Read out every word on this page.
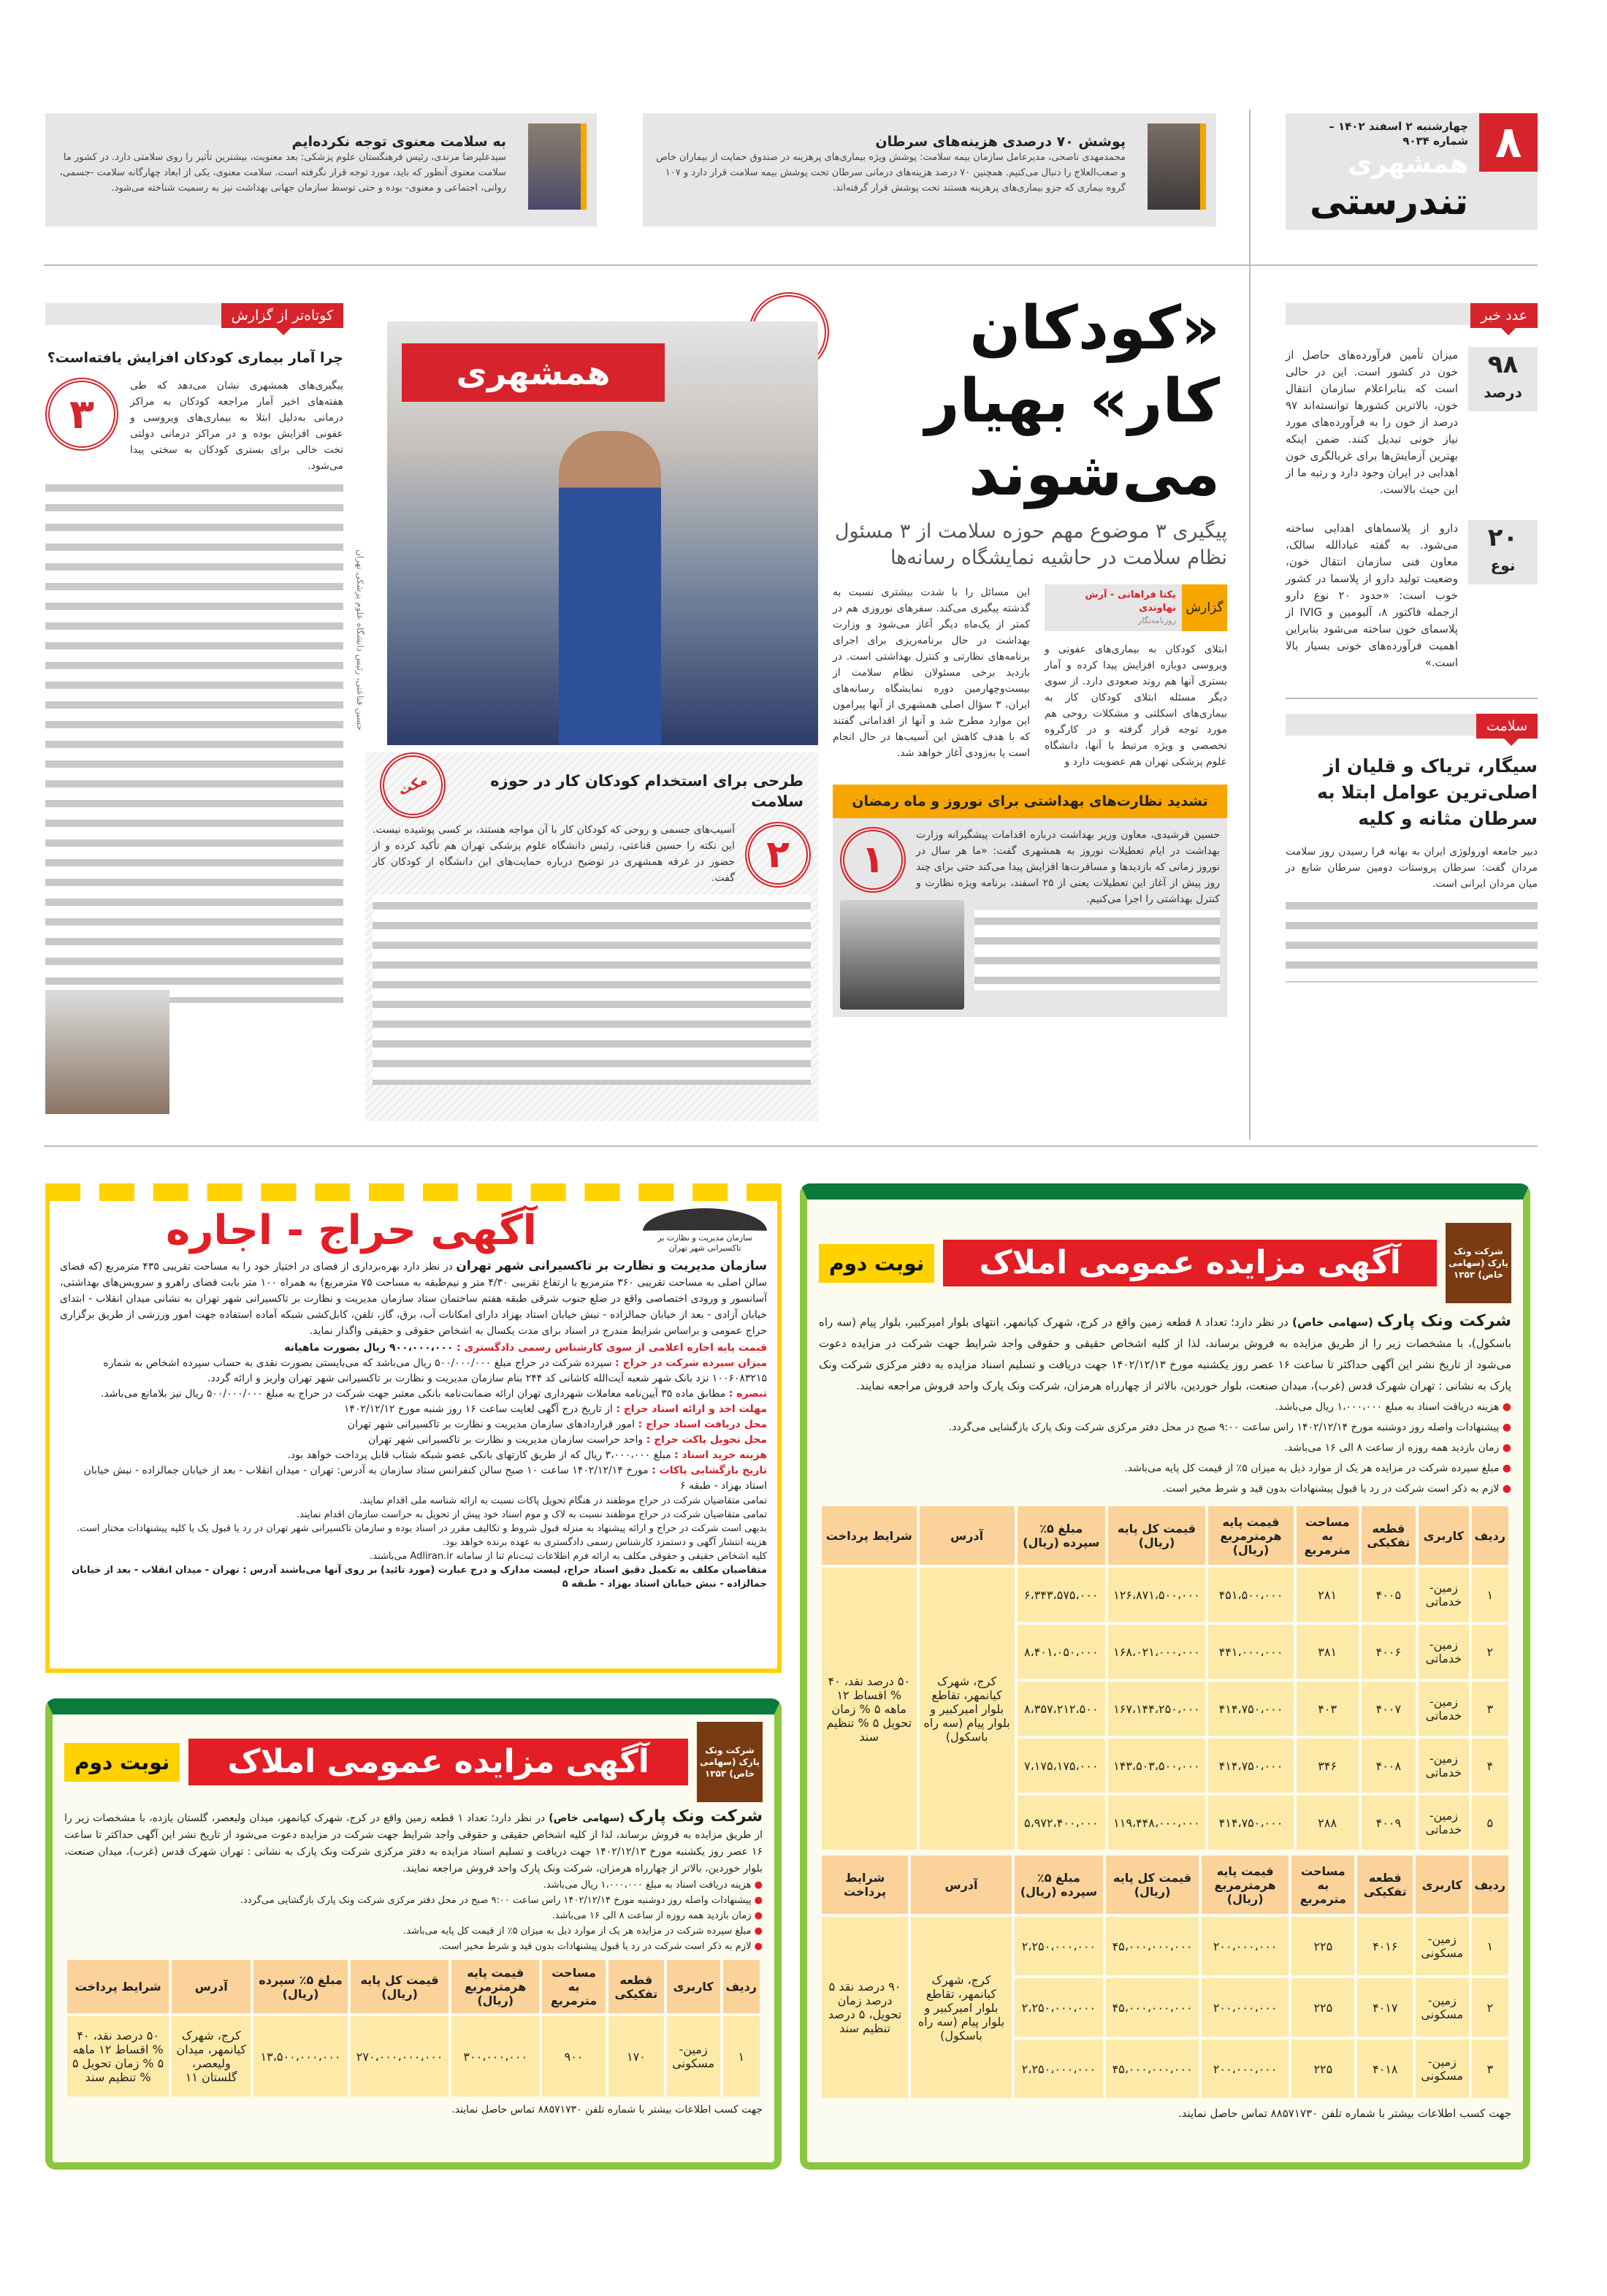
۸
چهارشنبه ۲ اسفند ۱۴۰۲ – شماره ۹۰۳۴
همشهری
تندرستی
پوشش ۷۰ درصدی هزینه‌های سرطان
محمدمهدی ناصحی، مدیرعامل سازمان بیمه سلامت: پوشش ویژه بیماری‌های پرهزینه در صندوق حمایت از بیماران خاص و صعب‌العلاج را دنبال می‌کنیم. همچنین ۷۰ درصد هزینه‌های درمانی سرطان تحت پوشش بیمه سلامت قرار دارد و ۱۰۷ گروه بیماری که جزو بیماری‌های پرهزینه هستند تحت پوشش قرار گرفته‌اند.
به سلامت معنوی توجه نکرده‌ایم
سیدعلیرضا مرندی، رئیس فرهنگستان علوم پزشکی: بعد معنویت، بیشترین تأثیر را روی سلامتی دارد. در کشور ما سلامت معنوی آنطور که باید، مورد توجه قرار نگرفته است. سلامت معنوی، یکی از ابعاد چهارگانه سلامت -جسمی، روانی، اجتماعی و معنوی- بوده و حتی توسط سازمان جهانی بهداشت نیز به رسمیت شناخته می‌شود.
عدد خبر
۹۸
درصد
میزان تأمین فرآورده‌های حاصل از خون در کشور است. این در حالی است که بنابراعلام سازمان انتقال خون، بالاترین کشورها توانسته‌اند ۹۷ درصد از خون را به فرآورده‌های مورد نیاز خونی تبدیل کنند. ضمن اینکه بهترین آزمایش‌ها برای غربالگری خون اهدایی در ایران وجود دارد و رتبه ما از این حیث بالاست.
۲۰
نوع
دارو از پلاسماهای اهدایی ساخته می‌شود. به گفته عبادالله سالک، معاون فنی سازمان انتقال خون، وضعیت تولید دارو از پلاسما در کشور خوب است: «حدود ۲۰ نوع دارو ازجمله فاکتور ۸، آلبومین و IVIG از پلاسمای خون ساخته می‌شود بنابراین اهمیت فرآورده‌های خونی بسیار بالا است.»
سلامت
سیگار، تریاک و قلیان از اصلی‌ترین عوامل ابتلا به سرطان مثانه و کلیه
دبیر جامعه اورولوژی ایران به بهانه فرا رسیدن روز سلامت مردان گفت: سرطان پروستات دومین سرطان شایع در میان مردان ایرانی است.
«کودکان کار» بهیار می‌شوند
پیگیری ۳ موضوع مهم حوزه سلامت از ۳ مسئول نظام سلامت در حاشیه نمایشگاه رسانه‌ها
گزارش
یکتا فراهانی - آرش نهاوندی
روزنامه‌نگار
ابتلای کودکان به بیماری‌های عفونی و ویروسی دوباره افزایش پیدا کرده و آمار بستری آنها هم روند صعودی دارد. از سوی دیگر مسئله ابتلای کودکان کار به بیماری‌های اسکلتی و مشکلات روحی هم مورد توجه قرار گرفته و در کارگروه تخصصی و ویژه مرتبط با آنها، دانشگاه علوم پزشکی تهران هم عضویت دارد و
این مسائل را با شدت بیشتری نسبت به گذشته پیگیری می‌کند. سفرهای نوروزی هم در کمتر از یک‌ماه دیگر آغاز می‌شود و وزارت بهداشت در حال برنامه‌ریزی برای اجرای برنامه‌های نظارتی و کنترل بهداشتی است. در بازدید برخی مسئولان نظام سلامت از بیست‌وچهارمین دوره نمایشگاه رسانه‌های ایران، ۳ سؤال اصلی همشهری از آنها پیرامون این موارد مطرح شد و آنها از اقداماتی گفتند که با هدف کاهش این آسیب‌ها در حال انجام است یا به‌زودی آغاز خواهد شد.
تشدید نظارت‌های بهداشتی برای نوروز و ماه رمضان
۱
حسین فرشیدی، معاون وزیر بهداشت درباره اقدامات پیشگیرانه وزارت بهداشت در ایام تعطیلات نوروز به همشهری گفت: «ما هر سال در نوروز زمانی که بازدیدها و مسافرت‌ها افزایش پیدا می‌کند حتی برای چند روز پیش از آغاز این تعطیلات یعنی از ۲۵ اسفند، برنامه ویژه نظارت و کنترل بهداشتی را اجرا می‌کنیم.
حسین قناعتی، رئیس دانشگاه علوم پزشکی تهران
همشهری
مکث	طرحی برای استخدام کودکان کار در حوزه سلامت
۲
آسیب‌های جسمی و روحی که کودکان کار با آن مواجه هستند، بر کسی پوشیده نیست. این نکته را حسین قناعتی، رئیس دانشگاه علوم پزشکی تهران هم تأکید کرده و از حضور در غرفه همشهری در توضیح درباره حمایت‌های این دانشگاه از کودکان کار گفت.
کوتاه‌تر از گزارش
چرا آمار بیماری کودکان افزایش یافته‌است؟
۳
پیگیری‌های همشهری نشان می‌دهد که طی هفته‌های اخیر آمار مراجعه کودکان به مراکز درمانی به‌دلیل ابتلا به بیماری‌های ویروسی و عفونی افزایش بوده و در مراکز درمانی دولتی تخت خالی برای بستری کودکان به سختی پیدا می‌شود.
سازمان مدیریت و نظارت بر تاکسیرانی شهر تهران
آگهی حراج - اجاره
سازمان مدیریت و نظارت بر تاکسیرانی شهر تهران در نظر دارد بهره‌برداری از فضای در اختیار خود را به مساحت تقریبی ۴۳۵ مترمربع (که فضای سالن اصلی به مساحت تقریبی ۳۶۰ مترمربع با ارتفاع تقریبی ۴/۳۰ متر و نیم‌طبقه به مساحت ۷۵ مترمربع) به همراه ۱۰۰ متر بابت فضای راهرو و سرویس‌های بهداشتی، آسانسور و ورودی اختصاصی واقع در ضلع جنوب شرقی طبقه هفتم ساختمان ستاد سازمان مدیریت و نظارت بر تاکسیرانی شهر تهران به نشانی میدان انقلاب - ابتدای خیابان آزادی - بعد از خیابان جمالزاده - نبش خیابان استاد بهزاد دارای امکانات آب، برق، گاز، تلفن، کابل‌کشی شبکه آماده استفاده جهت امور ورزشی از طریق برگزاری حراج عمومی و براساس شرایط مندرج در اسناد برای مدت یکسال به اشخاص حقوقی و حقیقی واگذار نماید.
قیمت پایه اجاره اعلامی از سوی کارشناس رسمی دادگستری : ۹۰۰،۰۰۰،۰۰۰ ریال بصورت ماهیانه
میزان سپرده شرکت در حراج : سپرده شرکت در حراج مبلغ ۵۰۰/۰۰۰/۰۰۰ ریال می‌باشد که می‌بایستی بصورت نقدی به حساب سپرده اشخاص به شماره ۱۰۰۶۰۸۳۲۱۵ نزد بانک شهر شعبه آیت‌الله کاشانی کد ۲۴۴ بنام سازمان مدیریت و نظارت بر تاکسیرانی شهر تهران واریز و ارائه گردد.
تبصره : مطابق ماده ۳۵ آیین‌نامه معاملات شهرداری تهران ارائه ضمانت‌نامه بانکی معتبر جهت شرکت در حراج به مبلغ ۵۰۰/۰۰۰/۰۰۰ ریال نیز بلامانع می‌باشد.
مهلت اخذ و ارائه اسناد حراج : از تاریخ درج آگهی لغایت ساعت ۱۶ روز شنبه مورخ ۱۴۰۲/۱۲/۱۲
محل دریافت اسناد حراج : امور قراردادهای سازمان مدیریت و نظارت بر تاکسیرانی شهر تهران
محل تحویل پاکت حراج : واحد حراست سازمان مدیریت و نظارت بر تاکسیرانی شهر تهران
هزینه خرید اسناد : مبلغ ۳،۰۰۰،۰۰۰ ریال که از طریق کارتهای بانکی عضو شبکه شتاب قابل پرداخت خواهد بود.
تاریخ بازگشایی پاکات : مورخ ۱۴۰۲/۱۲/۱۴ ساعت ۱۰ صبح سالن کنفرانس ستاد سازمان به آدرس: تهران - میدان انقلاب - بعد از خیابان جمالزاده - نبش خیابان استاد بهزاد - طبقه ۶
تمامی متقاضیان شرکت در حراج موظفند در هنگام تحویل پاکات نسبت به ارائه شناسه ملی اقدام نمایند.
تمامی متقاضیان شرکت در حراج موظفند نسبت به لاک و موم اسناد خود پیش از تحویل به حراست سازمان اقدام نمایند.
بدیهی است شرکت در حراج و ارائه پیشنهاد به منزله قبول شروط و تکالیف مقرر در اسناد بوده و سازمان تاکسیرانی شهر تهران در رد یا قبول یک یا کلیه پیشنهادات مختار است.
هزینه انتشار آگهی و دستمزد کارشناس رسمی دادگستری به عهده برنده خواهد بود.
کلیه اشخاص حقیقی و حقوقی مکلف به ارائه فرم اطلاعات ثبت‌نام ثنا از سامانه Adliran.ir می‌باشند.
متقاضیان مکلف به تکمیل دقیق اسناد حراج، لیست مدارک و درج عبارت (مورد تائید) بر روی آنها می‌باشند آدرس : تهران - میدان انقلاب - بعد از خیابان جمالزاده - نبش خیابان استاد بهزاد - طبقه ۵
شرکت ونک پارک (سهامی خاص) ۱۳۵۳
آگهی مزایده عمومی املاک
نوبت دوم
شرکت ونک پارک (سهامی خاص) در نظر دارد؛ تعداد ۱ قطعه زمین واقع در کرج، شهرک کیانمهر، میدان ولیعصر، گلستان یازده، با مشخصات زیر را از طریق مزایده به فروش برساند، لذا از کلیه اشخاص حقیقی و حقوقی واجد شرایط جهت شرکت در مزایده دعوت می‌شود از تاریخ نشر این آگهی حداکثر تا ساعت ۱۶ عصر روز یکشنبه مورخ ۱۴۰۲/۱۲/۱۳ جهت دریافت و تسلیم اسناد مزایده به دفتر مرکزی شرکت ونک پارک به نشانی : تهران شهرک قدس (غرب)، میدان صنعت، بلوار خوردین، بالاتر از چهارراه هرمزان، شرکت ونک پارک واحد فروش مراجعه نمایند.
● هزینه دریافت اسناد به مبلغ ۱،۰۰۰،۰۰۰ ریال می‌باشد.
● پیشنهادات واصله روز دوشنبه مورخ ۱۴۰۲/۱۲/۱۴ راس ساعت ۹:۰۰ صبح در محل دفتر مرکزی شرکت ونک پارک بازگشایی می‌گردد.
● زمان بازدید همه روزه از ساعت ۸ الی ۱۶ می‌باشد.
● مبلغ سپرده شرکت در مزایده هر یک از موارد ذیل به میزان ۵٪ از قیمت کل پایه می‌باشد.
● لازم به ذکر است شرکت در رد یا قبول پیشنهادات بدون قید و شرط مخیر است.
ردیف	کاربری	قطعه تفکیکی	مساحت به مترمربع	قیمت پایه هرمترمربع (ریال)	قیمت کل پایه (ریال)	مبلغ ۵٪ سپرده (ریال)	آدرس	شرایط پرداخت
۱	زمین-مسکونی	۱۷۰	۹۰۰	۳۰۰،۰۰۰،۰۰۰	۲۷۰،۰۰۰،۰۰۰،۰۰۰	۱۳،۵۰۰،۰۰۰،۰۰۰	کرج، شهرک کیانمهر، میدان ولیعصر، گلستان ۱۱	۵۰ درصد نقد، ۴۰ % اقساط ۱۲ ماهه ۵ % زمان تحویل ۵ % تنظیم سند
جهت کسب اطلاعات بیشتر با شماره تلفن ۸۸۵۷۱۷۳۰ تماس حاصل نمایند.
شرکت ونک پارک (سهامی خاص) ۱۳۵۳
آگهی مزایده عمومی املاک
نوبت دوم
شرکت ونک پارک (سهامی خاص) در نظر دارد؛ تعداد ۸ قطعه زمین واقع در کرج، شهرک کیانمهر، انتهای بلوار امیرکبیر، بلوار پیام (سه راه باسکول)، با مشخصات زیر را از طریق مزایده به فروش برساند، لذا از کلیه اشخاص حقیقی و حقوقی واجد شرایط جهت شرکت در مزایده دعوت می‌شود از تاریخ نشر این آگهی حداکثر تا ساعت ۱۶ عصر روز یکشنبه مورخ ۱۴۰۲/۱۲/۱۳ جهت دریافت و تسلیم اسناد مزایده به دفتر مرکزی شرکت ونک پارک به نشانی : تهران شهرک قدس (غرب)، میدان صنعت، بلوار خوردین، بالاتر از چهارراه هرمزان، شرکت ونک پارک واحد فروش مراجعه نمایند.
● هزینه دریافت اسناد به مبلغ ۱،۰۰۰،۰۰۰ ریال می‌باشد.
● پیشنهادات واصله روز دوشنبه مورخ ۱۴۰۲/۱۲/۱۴ راس ساعت ۹:۰۰ صبح در محل دفتر مرکزی شرکت ونک پارک بازگشایی می‌گردد.
● زمان بازدید همه روزه از ساعت ۸ الی ۱۶ می‌باشد.
● مبلغ سپرده شرکت در مزایده هر یک از موارد ذیل به میزان ۵٪ از قیمت کل پایه می‌باشد.
● لازم به ذکر است شرکت در رد یا قبول پیشنهادات بدون قید و شرط مخیر است.
ردیف	کاربری	قطعه تفکیکی	مساحت به مترمربع	قیمت پایه هرمترمربع (ریال)	قیمت کل پایه (ریال)	مبلغ ۵٪ سپرده (ریال)	آدرس	شرایط پرداخت
۱	زمین-خدماتی	۴۰۰۵	۲۸۱	۴۵۱،۵۰۰،۰۰۰	۱۲۶،۸۷۱،۵۰۰،۰۰۰	۶،۳۴۳،۵۷۵،۰۰۰	کرج، شهرک کیانمهر، تقاطع بلوار امیرکبیر و بلوار پیام (سه راه باسکول)	۵۰ درصد نقد، ۴۰ % اقساط ۱۲ ماهه ۵ % زمان تحویل ۵ % تنظیم سند
۲	زمین-خدماتی	۴۰۰۶	۳۸۱	۴۴۱،۰۰۰،۰۰۰	۱۶۸،۰۲۱،۰۰۰،۰۰۰	۸،۴۰۱،۰۵۰،۰۰۰		
۳	زمین-خدماتی	۴۰۰۷	۴۰۳	۴۱۴،۷۵۰،۰۰۰	۱۶۷،۱۴۴،۲۵۰،۰۰۰	۸،۳۵۷،۲۱۲،۵۰۰		
۴	زمین-خدماتی	۴۰۰۸	۳۴۶	۴۱۴،۷۵۰،۰۰۰	۱۴۳،۵۰۳،۵۰۰،۰۰۰	۷،۱۷۵،۱۷۵،۰۰۰		
۵	زمین-خدماتی	۴۰۰۹	۲۸۸	۴۱۴،۷۵۰،۰۰۰	۱۱۹،۴۴۸،۰۰۰،۰۰۰	۵،۹۷۲،۴۰۰،۰۰۰		
ردیف	کاربری	قطعه تفکیکی	مساحت به مترمربع	قیمت پایه هرمترمربع (ریال)	قیمت کل پایه (ریال)	مبلغ ۵٪ سپرده (ریال)	آدرس	شرایط پرداخت
۱	زمین-مسکونی	۴۰۱۶	۲۲۵	۲۰۰،۰۰۰،۰۰۰	۴۵،۰۰۰،۰۰۰،۰۰۰	۲،۲۵۰،۰۰۰،۰۰۰	کرج، شهرک کیانمهر، تقاطع بلوار امیرکبیر و بلوار پیام (سه راه باسکول)	۹۰ درصد نقد ۵ درصد زمان تحویل، ۵ درصد تنظیم سند
۲	زمین-مسکونی	۴۰۱۷	۲۲۵	۲۰۰،۰۰۰،۰۰۰	۴۵،۰۰۰،۰۰۰،۰۰۰	۲،۲۵۰،۰۰۰،۰۰۰		
۳	زمین-مسکونی	۴۰۱۸	۲۲۵	۲۰۰،۰۰۰،۰۰۰	۴۵،۰۰۰،۰۰۰،۰۰۰	۲،۲۵۰،۰۰۰،۰۰۰		
جهت کسب اطلاعات بیشتر با شماره تلفن ۸۸۵۷۱۷۳۰ تماس حاصل نمایند.
